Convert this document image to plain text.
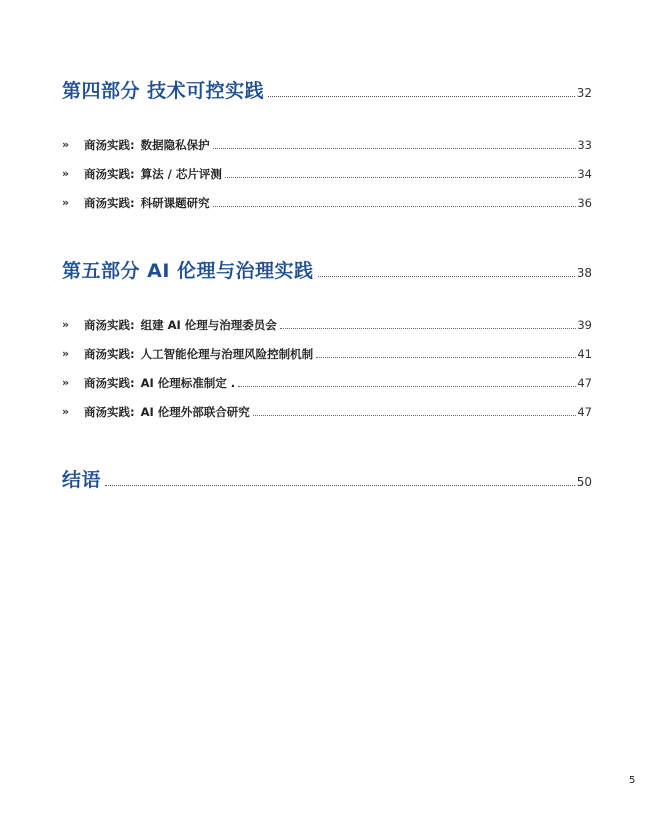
第四部分 技术可控实践	32
»	商汤实践: 数据隐私保护	33
»	商汤实践: 算法 / 芯片评测	34
»	商汤实践: 科研课题研究	36
第五部分 AI 伦理与治理实践	38
»	商汤实践: 组建 AI 伦理与治理委员会	39
»	商汤实践: 人工智能伦理与治理风险控制机制	41
»	商汤实践: AI 伦理标准制定 .	47
»	商汤实践: AI 伦理外部联合研究	47
结语	50
5
